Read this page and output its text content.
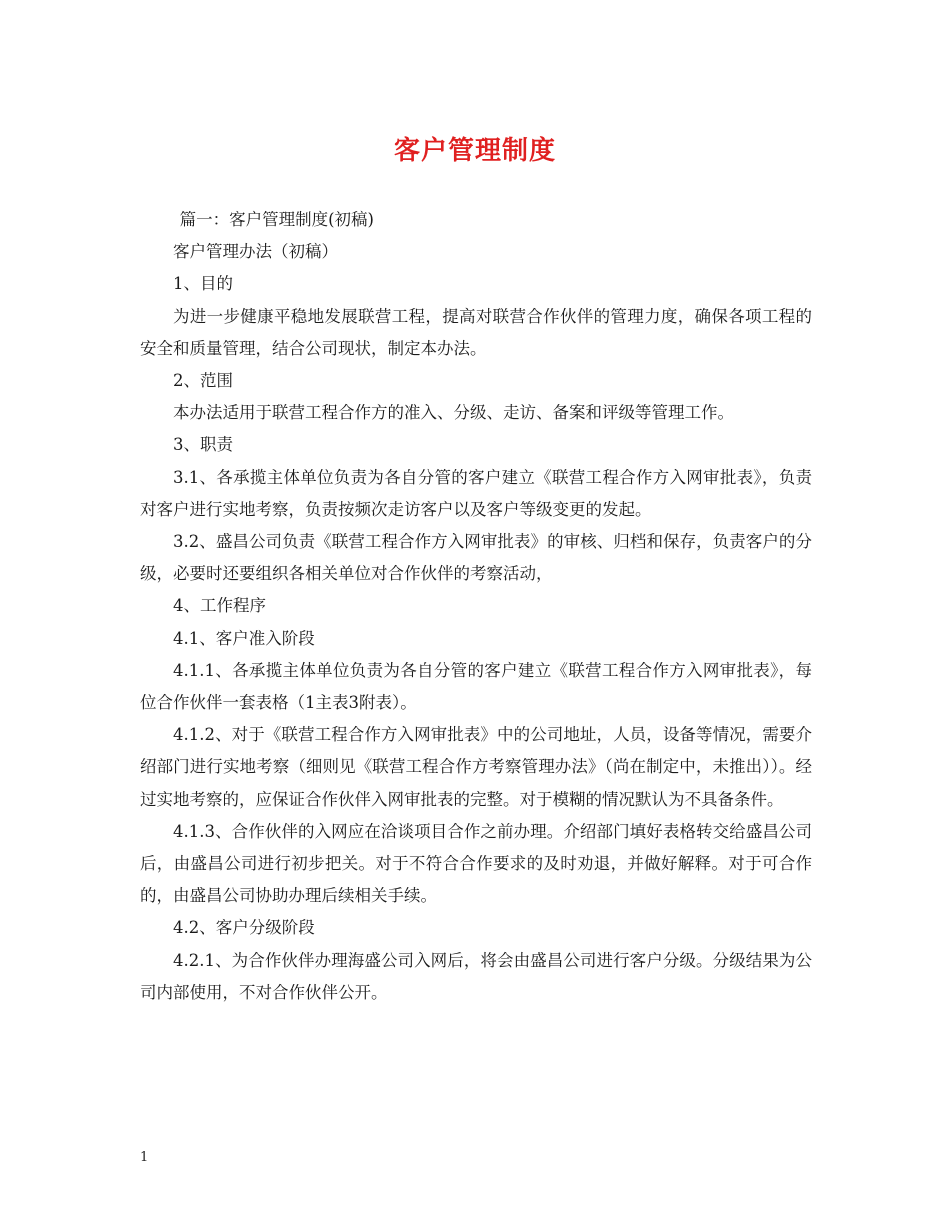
客户管理制度

篇一：客户管理制度(初稿)

客户管理办法（初稿）

1、目的

为进一步健康平稳地发展联营工程，提高对联营合作伙伴的管理力度，确保各项工程的安全和质量管理，结合公司现状，制定本办法。

2、范围

本办法适用于联营工程合作方的准入、分级、走访、备案和评级等管理工作。

3、职责

3.1、各承揽主体单位负责为各自分管的客户建立《联营工程合作方入网审批表》，负责对客户进行实地考察，负责按频次走访客户以及客户等级变更的发起。

3.2、盛昌公司负责《联营工程合作方入网审批表》的审核、归档和保存，负责客户的分级，必要时还要组织各相关单位对合作伙伴的考察活动，

4、工作程序

4.1、客户准入阶段

4.1.1、各承揽主体单位负责为各自分管的客户建立《联营工程合作方入网审批表》，每位合作伙伴一套表格（1主表3附表）。

4.1.2、对于《联营工程合作方入网审批表》中的公司地址，人员，设备等情况，需要介绍部门进行实地考察（细则见《联营工程合作方考察管理办法》（尚在制定中，未推出））。经过实地考察的，应保证合作伙伴入网审批表的完整。对于模糊的情况默认为不具备条件。

4.1.3、合作伙伴的入网应在洽谈项目合作之前办理。介绍部门填好表格转交给盛昌公司后，由盛昌公司进行初步把关。对于不符合合作要求的及时劝退，并做好解释。对于可合作的，由盛昌公司协助办理后续相关手续。

4.2、客户分级阶段

4.2.1、为合作伙伴办理海盛公司入网后，将会由盛昌公司进行客户分级。分级结果为公司内部使用，不对合作伙伴公开。

1
